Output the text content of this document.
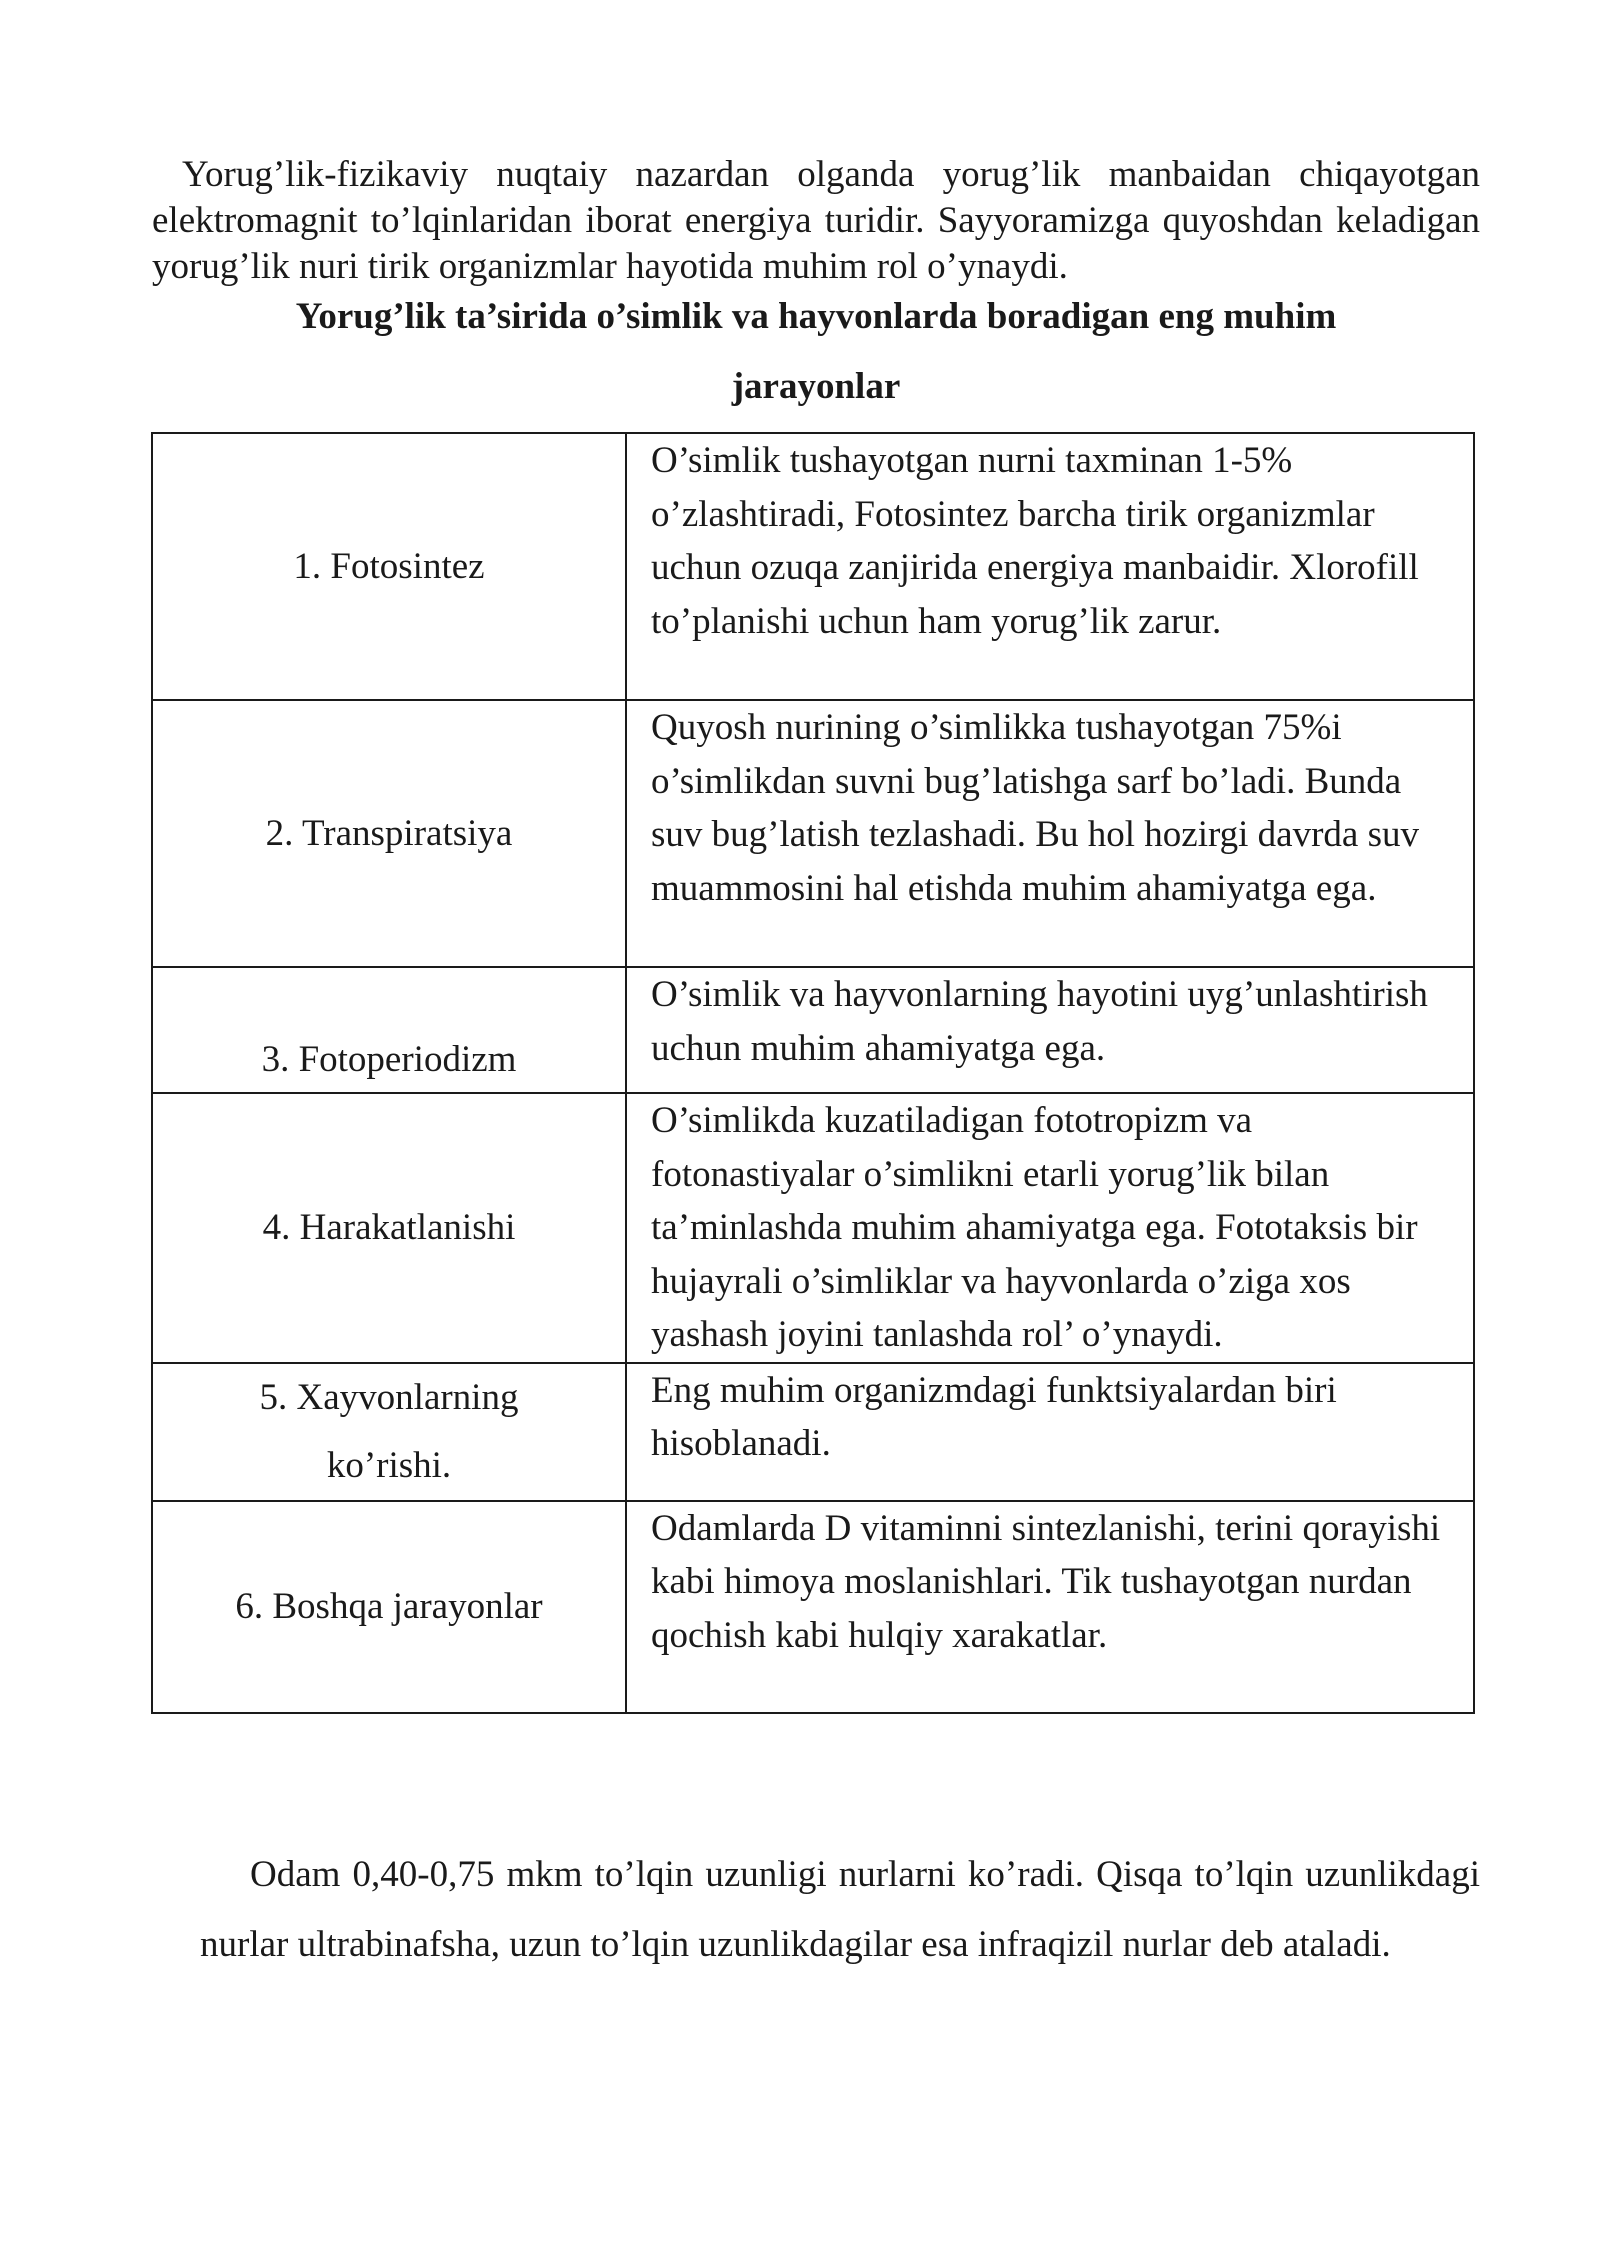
Yorug’lik-fizikaviy nuqtaiy nazardan olganda yorug’lik manbaidan chiqayotgan elektromagnit to’lqinlaridan iborat energiya turidir. Sayyoramizga quyoshdan keladigan yorug’lik nuri tirik organizmlar hayotida muhim rol o’ynaydi.

Yorug’lik ta’sirida o’simlik va hayvonlarda boradigan eng muhim

jarayonlar

1. Fotosintez	O’simlik tushayotgan nurni taxminan 1-5% o’zlashtiradi, Fotosintez barcha tirik organizmlar uchun ozuqa zanjirida energiya manbaidir. Xlorofill to’planishi uchun ham yorug’lik zarur.
2. Transpiratsiya	Quyosh nurining o’simlikka tushayotgan 75%i o’simlikdan suvni bug’latishga sarf bo’ladi. Bunda suv bug’latish tezlashadi. Bu hol hozirgi davrda suv muammosini hal etishda muhim ahamiyatga ega.
3. Fotoperiodizm	O’simlik va hayvonlarning hayotini uyg’unlashtirish uchun muhim ahamiyatga ega.
4. Harakatlanishi	O’simlikda kuzatiladigan fototropizm va fotonastiyalar o’simlikni etarli yorug’lik bilan ta’minlashda muhim ahamiyatga ega. Fototaksis bir hujayrali o’simliklar va hayvonlarda o’ziga xos yashash joyini tanlashda rol’ o’ynaydi.

5. Xayvonlarning
ko’rishi.	Eng muhim organizmdagi funktsiyalardan biri hisoblanadi.
6. Boshqa jarayonlar	Odamlarda D vitaminni sintezlanishi, terini qorayishi kabi himoya moslanishlari. Tik tushayotgan nurdan qochish kabi hulqiy xarakatlar.

Odam 0,40-0,75 mkm to’lqin uzunligi nurlarni ko’radi. Qisqa to’lqin uzunlikdagi nurlar ultrabinafsha, uzun to’lqin uzunlikdagilar esa infraqizil nurlar deb ataladi.
